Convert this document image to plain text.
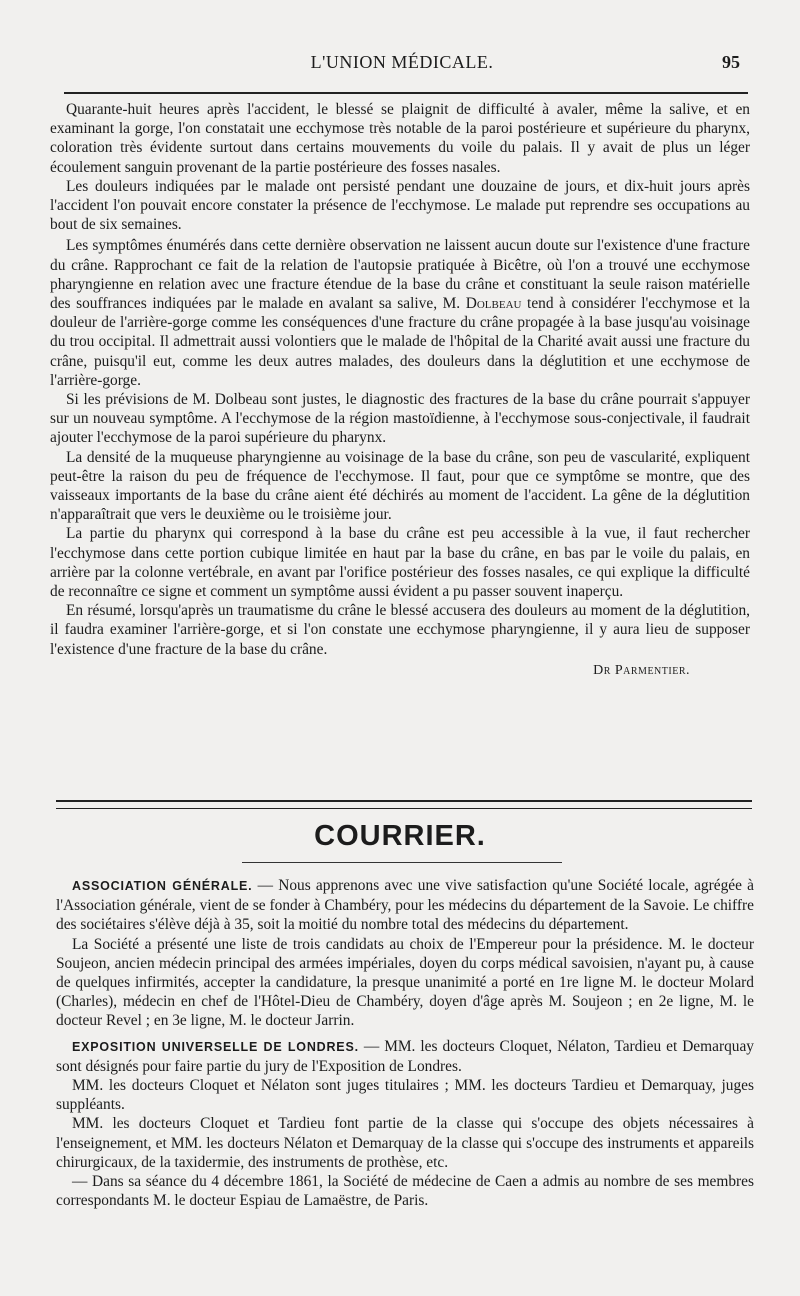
L'UNION MÉDICALE.	95

Quarante-huit heures après l'accident, le blessé se plaignit de difficulté à avaler, même la salive, et en examinant la gorge, l'on constatait une ecchymose très notable de la paroi postérieure et supérieure du pharynx, coloration très évidente surtout dans certains mouvements du voile du palais. Il y avait de plus un léger écoulement sanguin provenant de la partie postérieure des fosses nasales.

Les douleurs indiquées par le malade ont persisté pendant une douzaine de jours, et dix-huit jours après l'accident l'on pouvait encore constater la présence de l'ecchymose. Le malade put reprendre ses occupations au bout de six semaines.

Les symptômes énumérés dans cette dernière observation ne laissent aucun doute sur l'existence d'une fracture du crâne. Rapprochant ce fait de la relation de l'autopsie pratiquée à Bicêtre, où l'on a trouvé une ecchymose pharyngienne en relation avec une fracture étendue de la base du crâne et constituant la seule raison matérielle des souffrances indiquées par le malade en avalant sa salive, M. Dolbeau tend à considérer l'ecchymose et la douleur de l'arrière-gorge comme les conséquences d'une fracture du crâne propagée à la base jusqu'au voisinage du trou occipital. Il admettrait aussi volontiers que le malade de l'hôpital de la Charité avait aussi une fracture du crâne, puisqu'il eut, comme les deux autres malades, des douleurs dans la déglutition et une ecchymose de l'arrière-gorge.

Si les prévisions de M. Dolbeau sont justes, le diagnostic des fractures de la base du crâne pourrait s'appuyer sur un nouveau symptôme. A l'ecchymose de la région mastoïdienne, à l'ecchymose sous-conjectivale, il faudrait ajouter l'ecchymose de la paroi supérieure du pharynx.

La densité de la muqueuse pharyngienne au voisinage de la base du crâne, son peu de vascularité, expliquent peut-être la raison du peu de fréquence de l'ecchymose. Il faut, pour que ce symptôme se montre, que des vaisseaux importants de la base du crâne aient été déchirés au moment de l'accident. La gêne de la déglutition n'apparaîtrait que vers le deuxième ou le troisième jour.

La partie du pharynx qui correspond à la base du crâne est peu accessible à la vue, il faut rechercher l'ecchymose dans cette portion cubique limitée en haut par la base du crâne, en bas par le voile du palais, en arrière par la colonne vertébrale, en avant par l'orifice postérieur des fosses nasales, ce qui explique la difficulté de reconnaître ce signe et comment un symptôme aussi évident a pu passer souvent inaperçu.

En résumé, lorsqu'après un traumatisme du crâne le blessé accusera des douleurs au moment de la déglutition, il faudra examiner l'arrière-gorge, et si l'on constate une ecchymose pharyngienne, il y aura lieu de supposer l'existence d'une fracture de la base du crâne.

Dr Parmentier.
COURRIER.

ASSOCIATION GÉNÉRALE. — Nous apprenons avec une vive satisfaction qu'une Société locale, agrégée à l'Association générale, vient de se fonder à Chambéry, pour les médecins du département de la Savoie. Le chiffre des sociétaires s'élève déjà à 35, soit la moitié du nombre total des médecins du département.

La Société a présenté une liste de trois candidats au choix de l'Empereur pour la présidence. M. le docteur Soujeon, ancien médecin principal des armées impériales, doyen du corps médical savoisien, n'ayant pu, à cause de quelques infirmités, accepter la candidature, la presque unanimité a porté en 1re ligne M. le docteur Molard (Charles), médecin en chef de l'Hôtel-Dieu de Chambéry, doyen d'âge après M. Soujeon ; en 2e ligne, M. le docteur Revel ; en 3e ligne, M. le docteur Jarrin.

EXPOSITION UNIVERSELLE DE LONDRES. — MM. les docteurs Cloquet, Nélaton, Tardieu et Demarquay sont désignés pour faire partie du jury de l'Exposition de Londres.

MM. les docteurs Cloquet et Nélaton sont juges titulaires ; MM. les docteurs Tardieu et Demarquay, juges suppléants.

MM. les docteurs Cloquet et Tardieu font partie de la classe qui s'occupe des objets nécessaires à l'enseignement, et MM. les docteurs Nélaton et Demarquay de la classe qui s'occupe des instruments et appareils chirurgicaux, de la taxidermie, des instruments de prothèse, etc.

— Dans sa séance du 4 décembre 1861, la Société de médecine de Caen a admis au nombre de ses membres correspondants M. le docteur Espiau de Lamaëstre, de Paris.
